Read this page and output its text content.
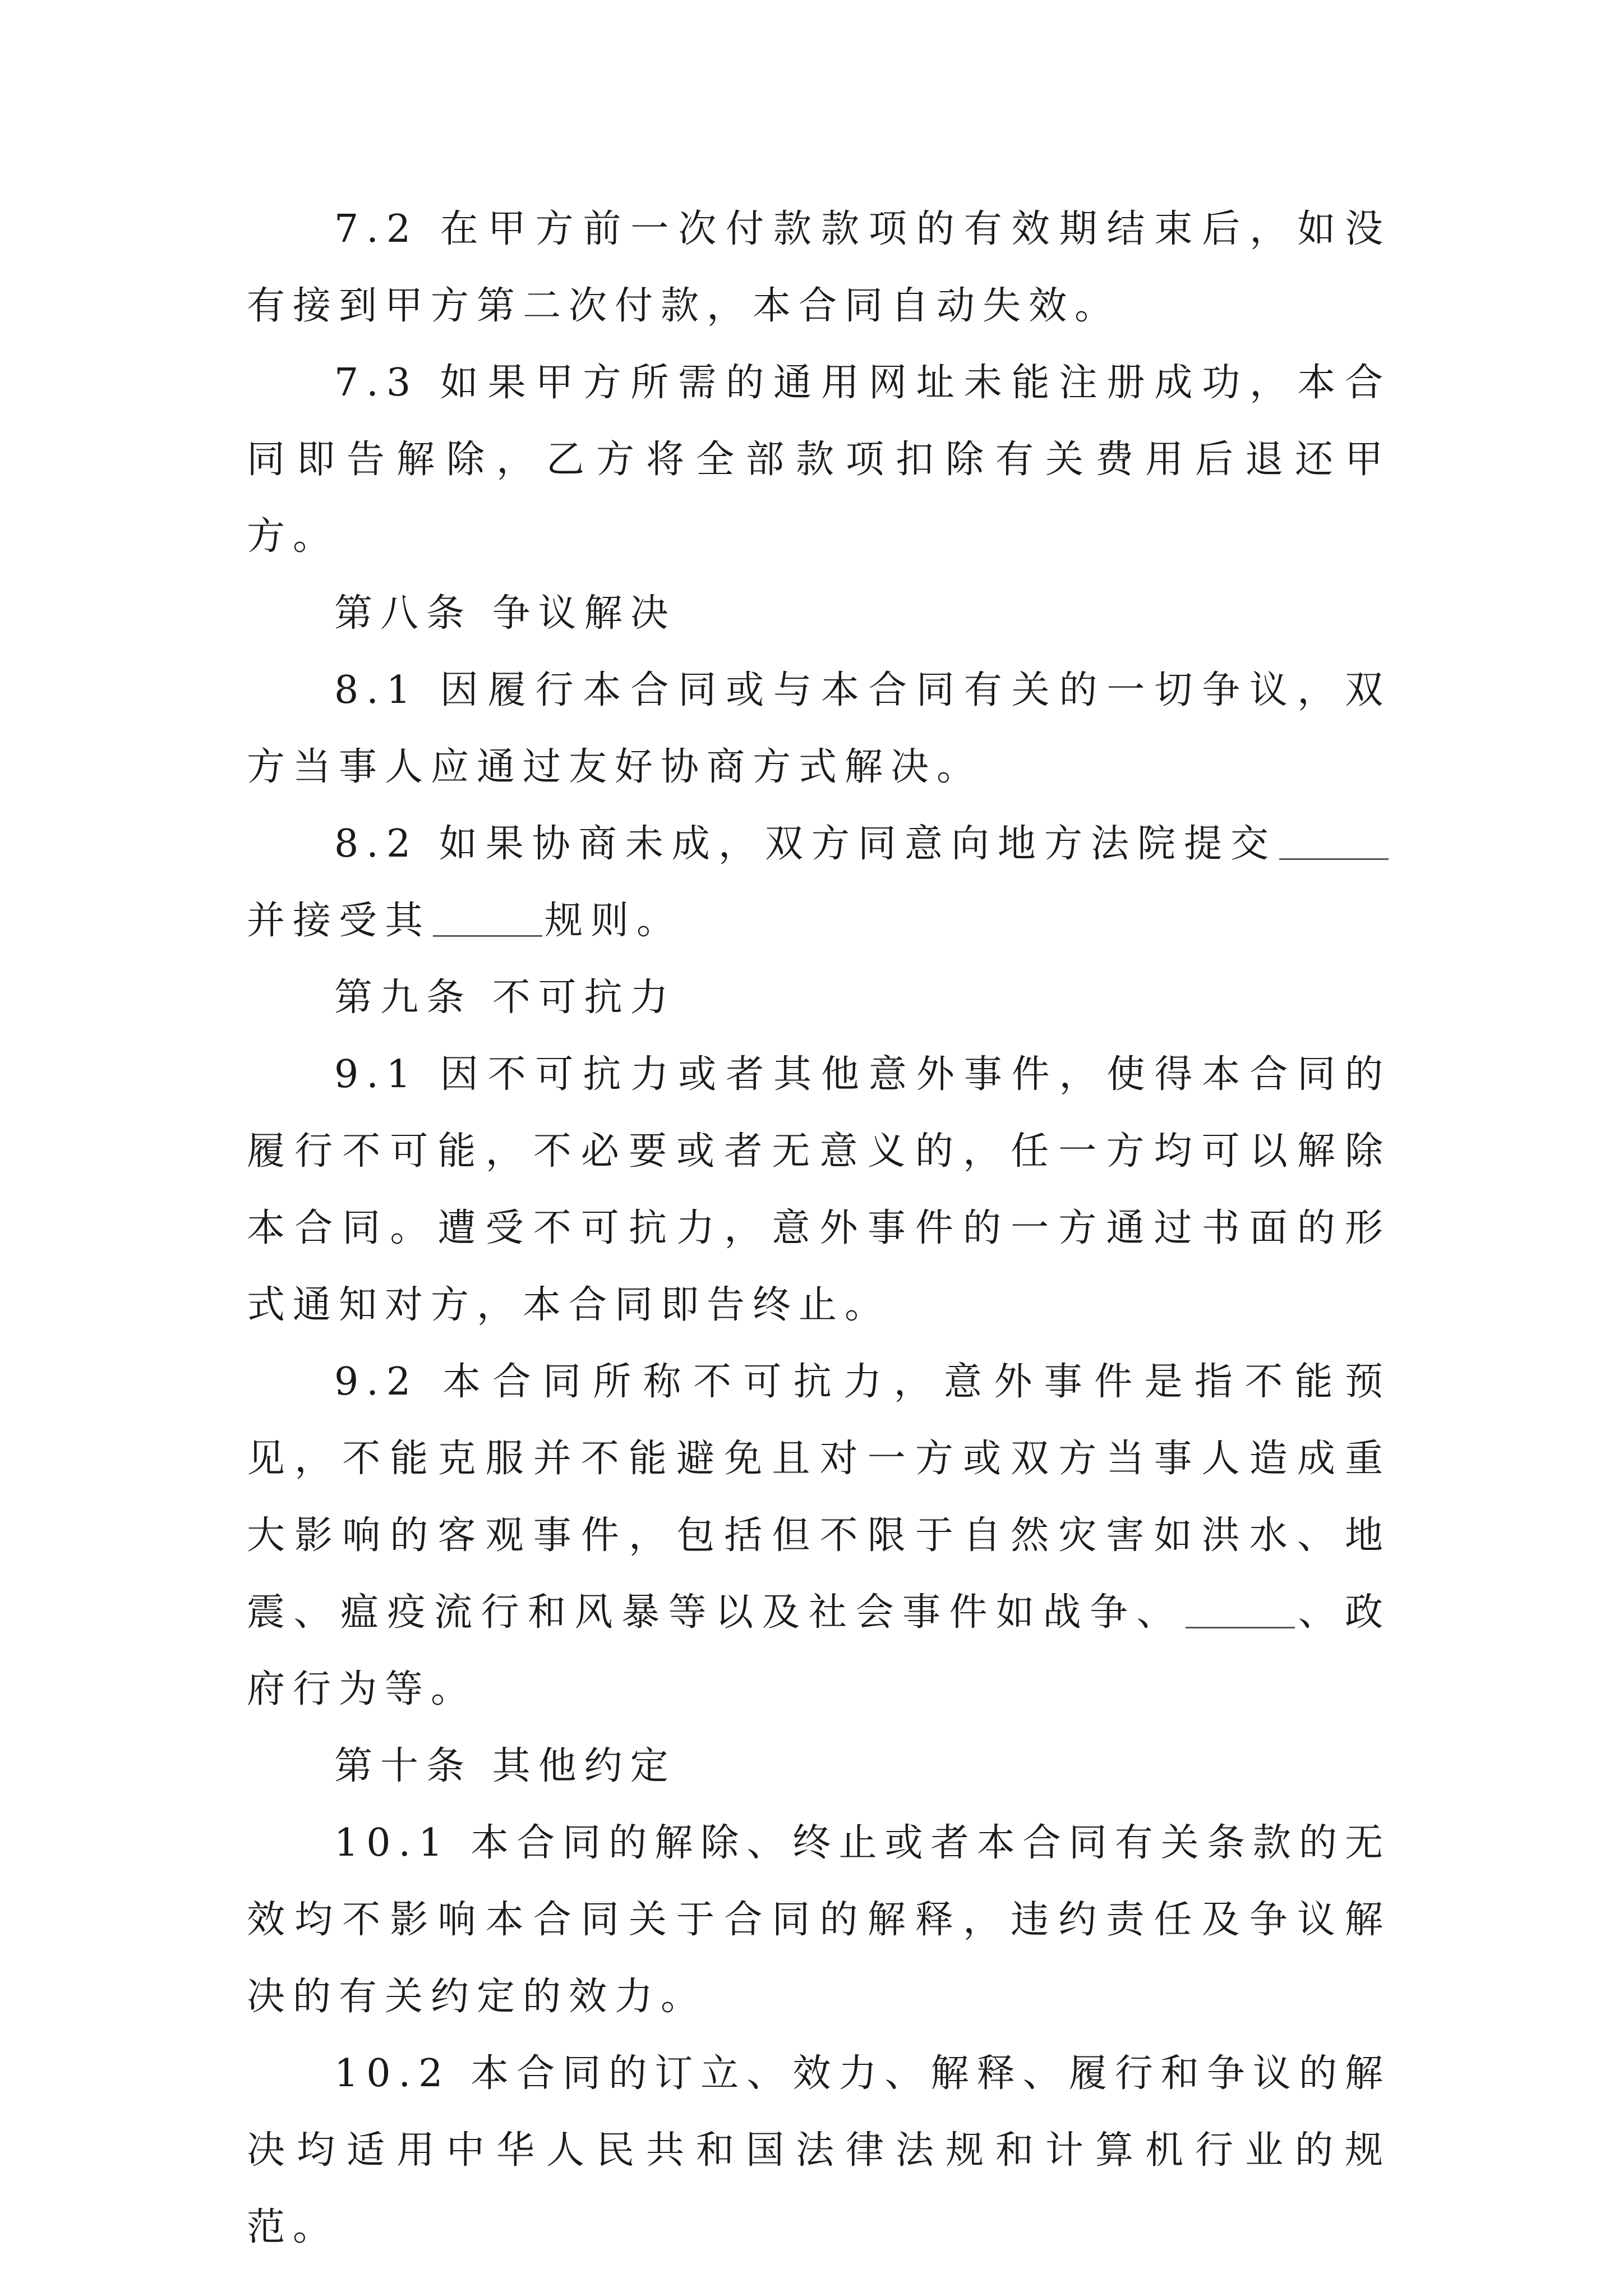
7.2 在甲方前一次付款款项的有效期结束后，如没有接到甲方第二次付款，本合同自动失效。

7.3 如果甲方所需的通用网址未能注册成功，本合同即告解除，乙方将全部款项扣除有关费用后退还甲方。

第八条 争议解决

8.1 因履行本合同或与本合同有关的一切争议，双方当事人应通过友好协商方式解决。

8.2 如果协商未成，双方同意向地方法院提交并接受其	规则。

第九条 不可抗力

9.1 因不可抗力或者其他意外事件，使得本合同的履行不可能，不必要或者无意义的，任一方均可以解除本合同。遭受不可抗力，意外事件的一方通过书面的形式通知对方，本合同即告终止。

9.2 本合同所称不可抗力，意外事件是指不能预见，不能克服并不能避免且对一方或双方当事人造成重大影响的客观事件，包括但不限于自然灾害如洪水、地震、瘟疫流行和风暴等以及社会事件如战争、	、政府行为等。

第十条 其他约定

10.1 本合同的解除、终止或者本合同有关条款的无效均不影响本合同关于合同的解释，违约责任及争议解决的有关约定的效力。

10.2 本合同的订立、效力、解释、履行和争议的解决均适用中华人民共和国法律法规和计算机行业的规范。
